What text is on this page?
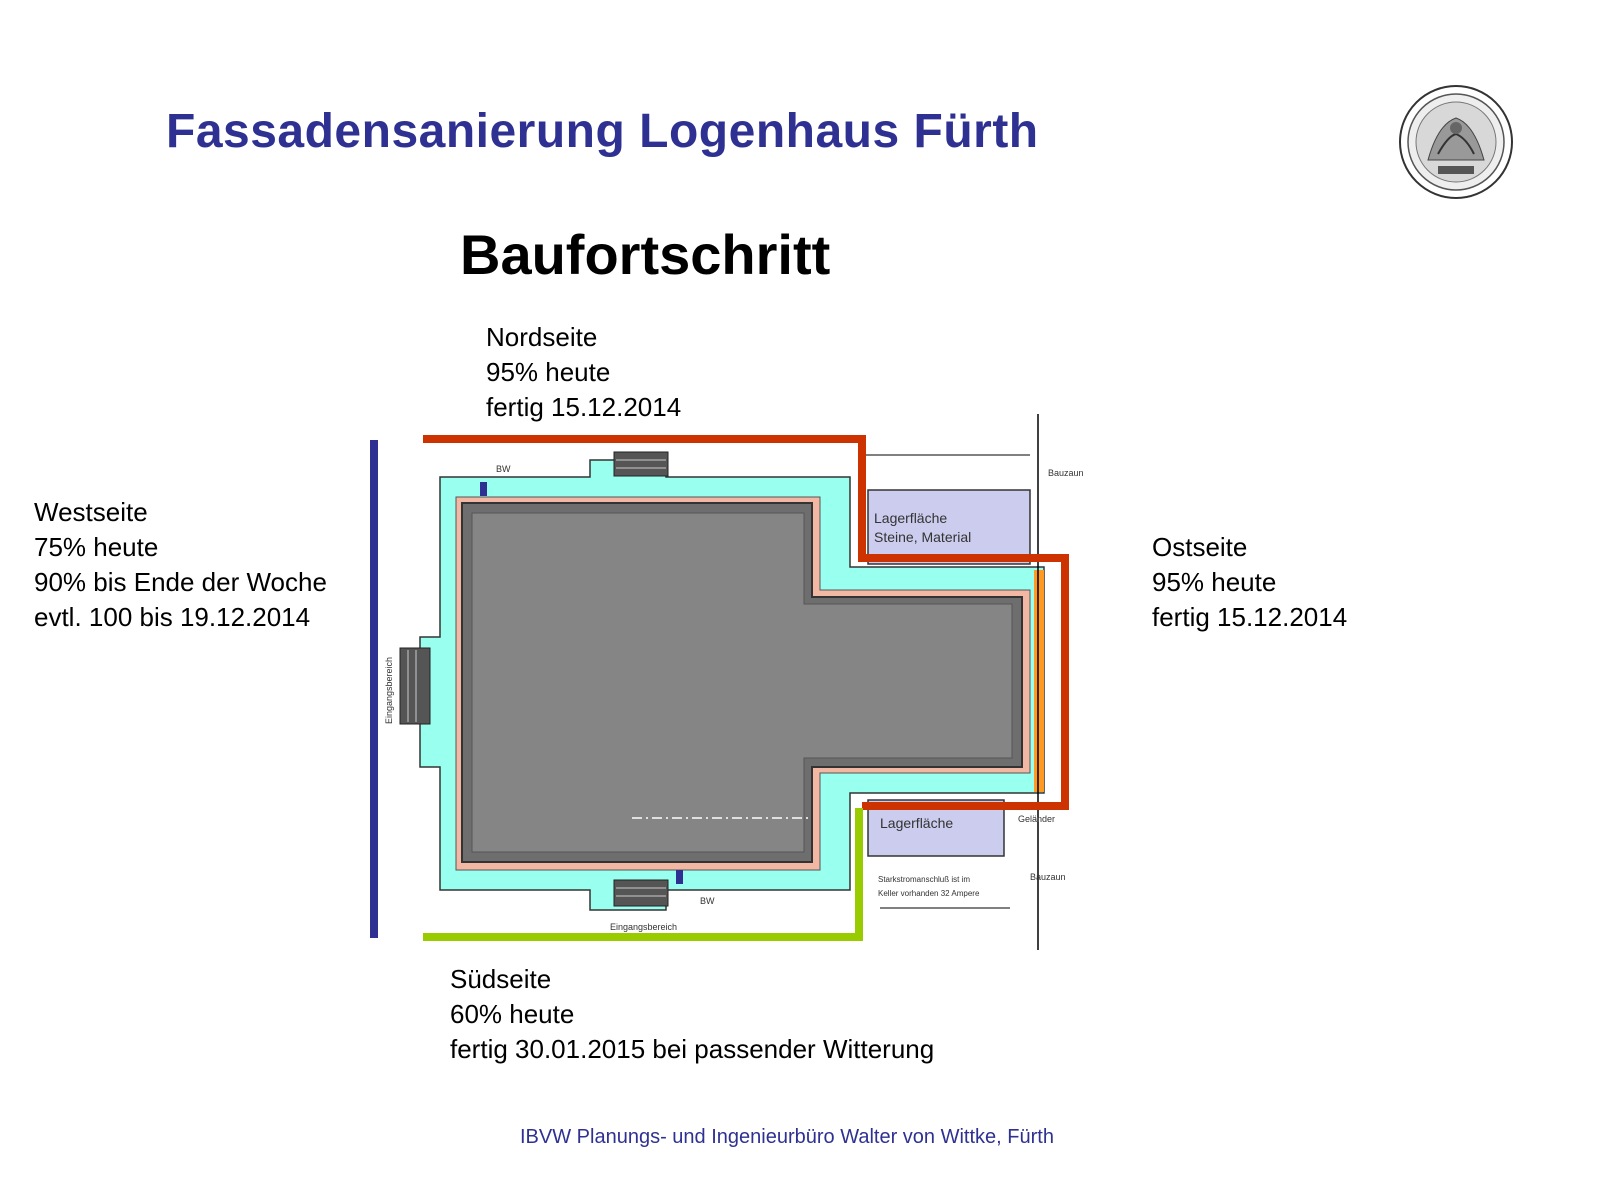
Fassadensanierung Logenhaus Fürth
Baufortschritt
Nordseite
95% heute
fertig 15.12.2014
Westseite
75% heute
90% bis Ende der Woche
evtl. 100 bis 19.12.2014
Ostseite
95% heute
fertig 15.12.2014
Südseite
60% heute
fertig 30.01.2015 bei passender Witterung
Lagerfläche
Steine, Material
Lagerfläche
BW
BW
Eingangsbereich
Eingangsbereich
Bauzaun
Bauzaun
Geländer
Starkstromanschluß ist im
Keller vorhanden 32 Ampere
IBVW Planungs- und Ingenieurbüro Walter von Wittke, Fürth
